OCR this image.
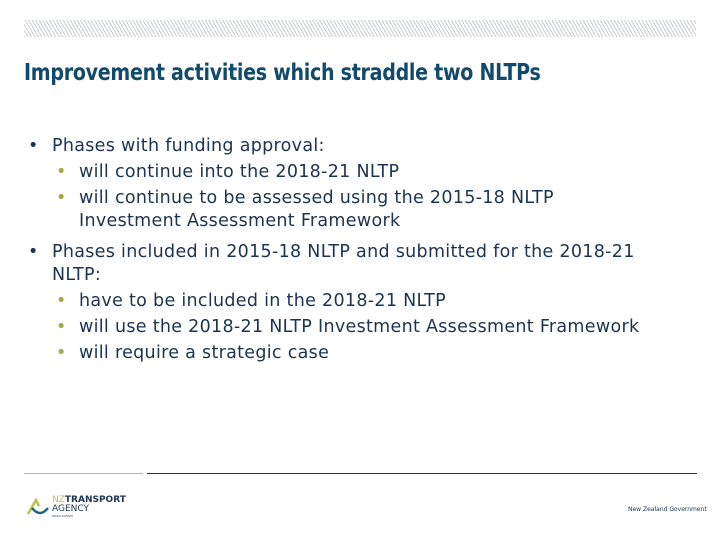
Improvement activities which straddle two NLTPs
• Phases with funding approval:
• will continue into the 2018-21 NLTP
• will continue to be assessed using the 2015-18 NLTP Investment Assessment Framework
• Phases included in 2015-18 NLTP and submitted for the 2018-21 NLTP:
• have to be included in the 2018-21 NLTP
• will use the 2018-21 NLTP Investment Assessment Framework
• will require a strategic case
NZTRANSPORT
AGENCY
WAKA KOTAHI
New Zealand Government
